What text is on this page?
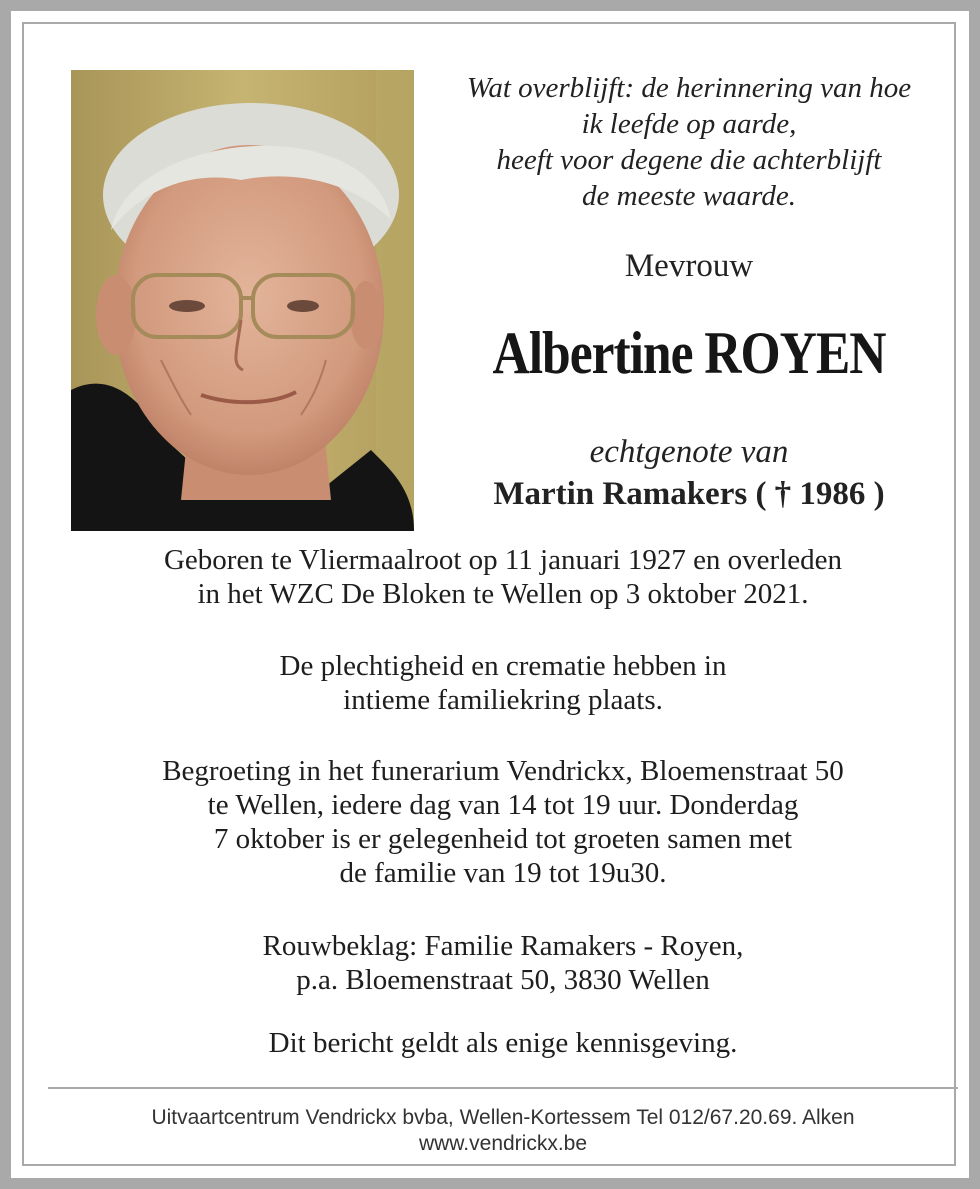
Wat overblijft: de herinnering van hoe
ik leefde op aarde,
heeft voor degene die achterblijft
de meeste waarde.
Mevrouw
Albertine ROYEN
echtgenote van
Martin Ramakers ( † 1986 )
Geboren te Vliermaalroot op 11 januari 1927 en overleden
in het WZC De Bloken te Wellen op 3 oktober 2021.
De plechtigheid en crematie hebben in
intieme familiekring plaats.
Begroeting in het funerarium Vendrickx, Bloemenstraat 50
te Wellen, iedere dag van 14 tot 19 uur. Donderdag
7 oktober is er gelegenheid tot groeten samen met
de familie van 19 tot 19u30.
Rouwbeklag: Familie Ramakers - Royen,
p.a. Bloemenstraat 50, 3830 Wellen
Dit bericht geldt als enige kennisgeving.
Uitvaartcentrum Vendrickx bvba, Wellen-Kortessem Tel 012/67.20.69. Alken
www.vendrickx.be
